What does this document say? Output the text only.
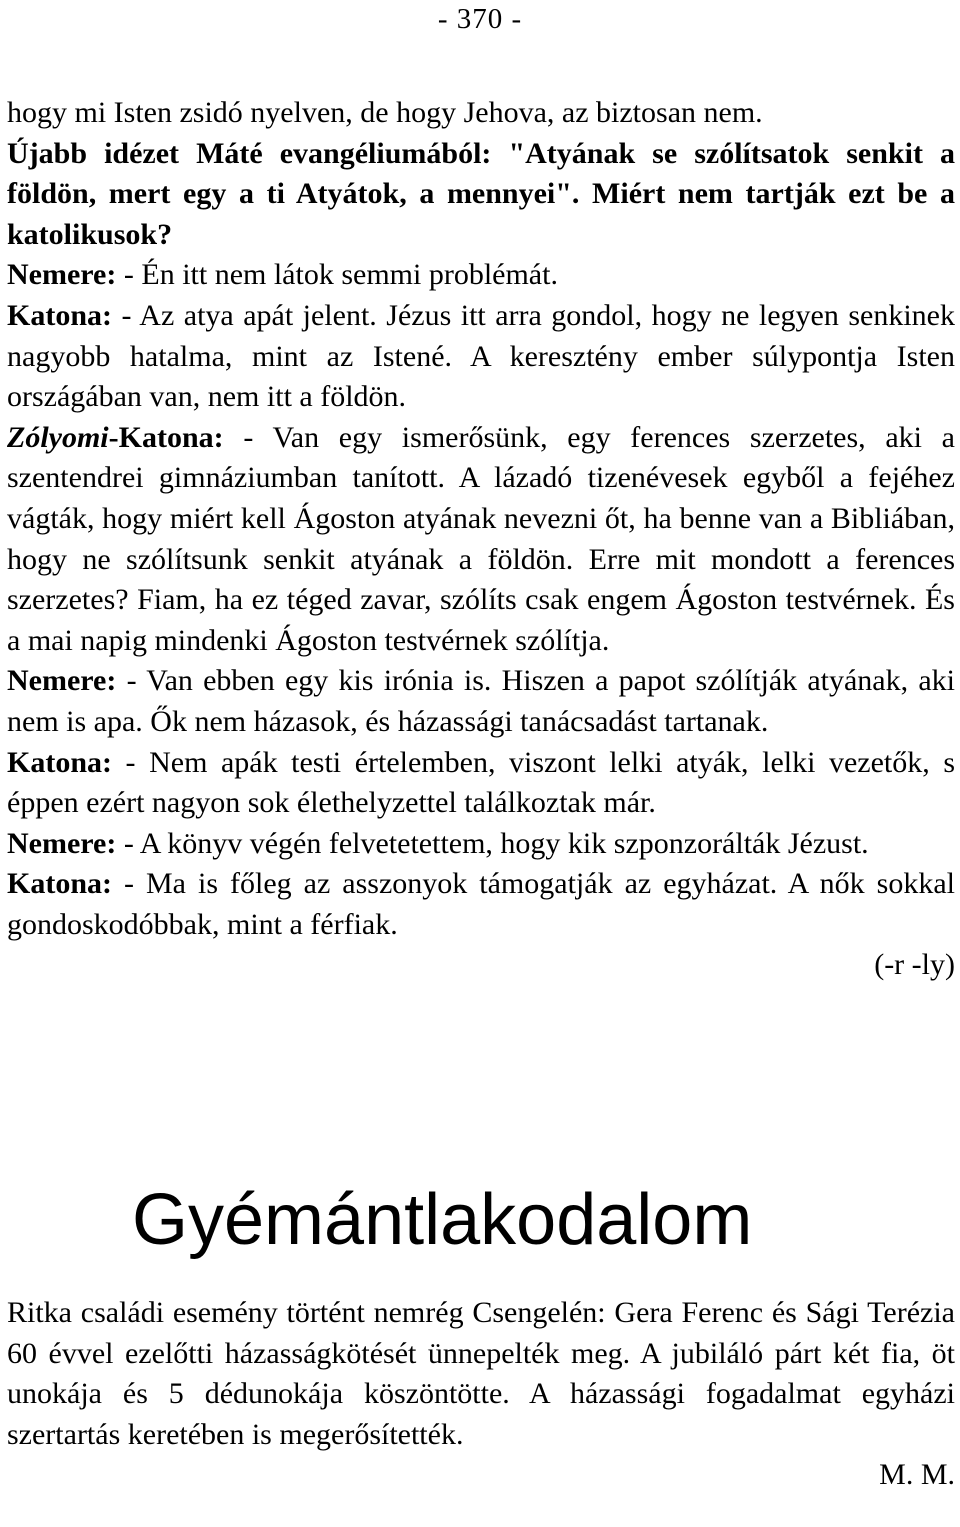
- 370 -

hogy mi Isten zsidó nyelven, de hogy Jehova, az biztosan nem.

Újabb idézet Máté evangéliumából: "Atyának se szólítsatok senkit a földön, mert egy a ti Atyátok, a mennyei". Miért nem tartják ezt be a katolikusok?

Nemere: - Én itt nem látok semmi problémát.

Katona: - Az atya apát jelent. Jézus itt arra gondol, hogy ne legyen senkinek nagyobb hatalma, mint az Istené. A keresztény ember súlypontja Isten országában van, nem itt a földön.

Zólyomi-Katona: - Van egy ismerősünk, egy ferences szerzetes, aki a szentendrei gimnáziumban tanított. A lázadó tizenévesek egyből a fejéhez vágták, hogy miért kell Ágoston atyának nevezni őt, ha benne van a Bibliában, hogy ne szólítsunk senkit atyának a földön. Erre mit mondott a ferences szerzetes? Fiam, ha ez téged zavar, szólíts csak engem Ágoston testvérnek. És a mai napig mindenki Ágoston testvérnek szólítja.

Nemere: - Van ebben egy kis irónia is. Hiszen a papot szólítják atyának, aki nem is apa. Ők nem házasok, és házassági tanácsadást tartanak.

Katona: - Nem apák testi értelemben, viszont lelki atyák, lelki vezetők, s éppen ezért nagyon sok élethelyzettel találkoztak már.

Nemere: - A könyv végén felvetetettem, hogy kik szponzorálták Jézust.

Katona: - Ma is főleg az asszonyok támogatják az egyházat. A nők sokkal gondoskodóbbak, mint a férfiak.

(-r -ly)

Gyémántlakodalom

Ritka családi esemény történt nemrég Csengelén: Gera Ferenc és Sági Terézia 60 évvel ezelőtti házasságkötését ünnepelték meg. A jubiláló párt két fia, öt unokája és 5 dédunokája köszöntötte. A házassági fogadalmat egyházi szertartás keretében is megerősítették.

M. M.
